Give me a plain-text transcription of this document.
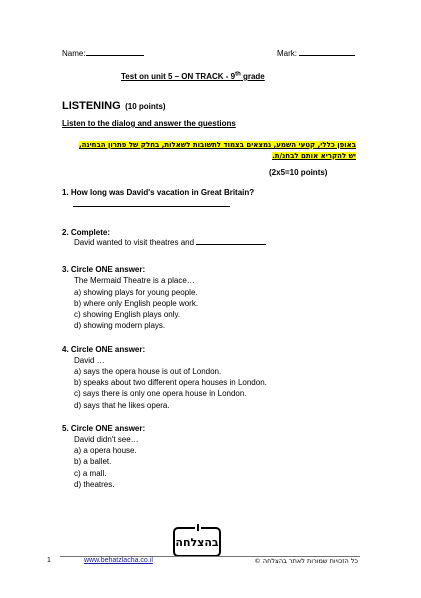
Name:	Mark:
Test on unit 5 – ON TRACK - 9th grade
LISTENING (10 points)
Listen to the dialog and answer the questions
באופן כללי, קטעי השמע, נמצאים בצמוד לתשובות לשאלות, בחלק של פתרון הבחינה,
יש להקריא אותם לבחנ/ת.
(2x5=10 points)
1. How long was David's vacation in Great Britain?
2. Complete:
David wanted to visit theatres and
3. Circle ONE answer:
The Mermaid Theatre is a place…
a) showing plays for young people.
b) where only English people work.
c) showing English plays only.
d) showing modern plays.
4. Circle ONE answer:
David …
a) says the opera house is out of London.
b) speaks about two different opera houses in London.
c) says there is only one opera house in London.
d) says that he likes opera.
5. Circle ONE answer:
David didn't see…
a) a opera house.
b) a ballet.
c) a mall.
d) theatres.
בהצלחה
1	www.behatzlacha.co.il	כל הזכויות שמורות לאתר בהצלחה ©
